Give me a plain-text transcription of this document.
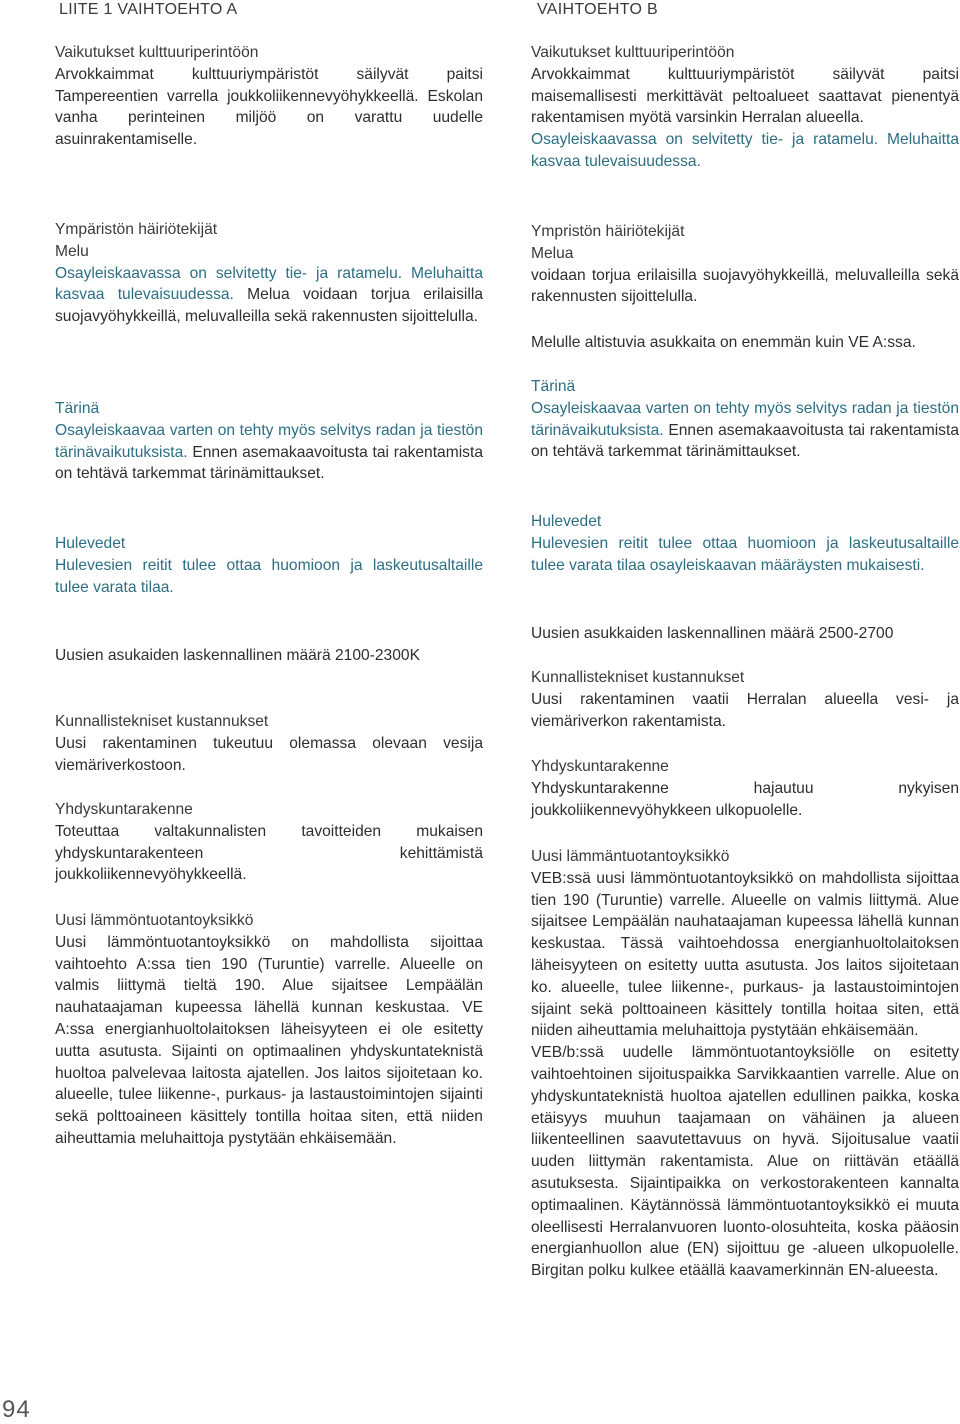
LIITE 1 VAIHTOEHTO A

Vaikutukset kulttuuriperintöön

Arvokkaimmat kulttuuriympäristöt säilyvät paitsi Tampereentien varrella joukkoliikennevyöhykkeellä. Eskolan vanha perinteinen miljöö on varattu uudelle asuinrakentamiselle.

Ympäristön häiriötekijät

Melu

Osayleiskaavassa on selvitetty tie- ja ratamelu. Meluhaitta kasvaa tulevaisuudessa. Melua voidaan torjua erilaisilla suojavyöhykkeillä, meluvalleilla sekä rakennusten sijoittelulla.

Tärinä

Osayleiskaavaa varten on tehty myös selvitys radan ja tiestön tärinävaikutuksista. Ennen asemakaavoitusta tai rakentamista on tehtävä tarkemmat tärinämittaukset.

Hulevedet

Hulevesien reitit tulee ottaa huomioon ja laskeutusaltaille tulee varata tilaa.

Uusien asukaiden laskennallinen määrä 2100-2300K

Kunnallistekniset kustannukset

Uusi rakentaminen tukeutuu olemassa olevaan vesija viemäriverkostoon.

Yhdyskuntarakenne

Toteuttaa valtakunnalisten tavoitteiden mukaisen yhdyskuntarakenteen kehittämistä joukkoliikennevyöhykkeellä.

Uusi lämmöntuotantoyksikkö

Uusi lämmöntuotantoyksikkö on mahdollista sijoittaa vaihtoehto A:ssa tien 190 (Turuntie) varrelle. Alueelle on valmis liittymä tieltä 190. Alue sijaitsee Lempäälän nauhataajaman kupeessa lähellä kunnan keskustaa. VE A:ssa energianhuoltolaitoksen läheisyyteen ei ole esitetty uutta asutusta. Sijainti on optimaalinen yhdyskuntateknistä huoltoa palvelevaa laitosta ajatellen. Jos laitos sijoitetaan ko. alueelle, tulee liikenne-, purkaus- ja lastaustoimintojen sijainti sekä polttoaineen käsittely tontilla hoitaa siten, että niiden aiheuttamia meluhaittoja pystytään ehkäisemään.

VAIHTOEHTO B

Vaikutukset kulttuuriperintöön

Arvokkaimmat kulttuuriympäristöt säilyvät paitsi maisemallisesti merkittävät peltoalueet saattavat pienentyä rakentamisen myötä varsinkin Herralan alueella.

Osayleiskaavassa on selvitetty tie- ja ratamelu. Meluhaitta kasvaa tulevaisuudessa.

Ympristön häiriötekijät

Melua

voidaan torjua erilaisilla suojavyöhykkeillä, meluvalleilla sekä rakennusten sijoittelulla.

Melulle altistuvia asukkaita on enemmän kuin VE A:ssa.

Tärinä

Osayleiskaavaa varten on tehty myös selvitys radan ja tiestön tärinävaikutuksista. Ennen asemakaavoitusta tai rakentamista on tehtävä tarkemmat tärinämittaukset.

Hulevedet

Hulevesien reitit tulee ottaa huomioon ja laskeutusaltaille tulee varata tilaa osayleiskaavan määräysten mukaisesti.

Uusien asukkaiden laskennallinen määrä 2500-2700

Kunnallistekniset kustannukset

Uusi rakentaminen vaatii Herralan alueella vesi- ja viemäriverkon rakentamista.

Yhdyskuntarakenne

Yhdyskuntarakenne hajautuu nykyisen joukkoliikennevyöhykkeen ulkopuolelle.

Uusi lämmäntuotantoyksikkö

VEB:ssä uusi lämmöntuotantoyksikkö on mahdollista sijoittaa tien 190 (Turuntie) varrelle. Alueelle on valmis liittymä. Alue sijaitsee Lempäälän nauhataajaman kupeessa lähellä kunnan keskustaa. Tässä vaihtoehdossa energianhuoltolaitoksen läheisyyteen on esitetty uutta asutusta. Jos laitos sijoitetaan ko. alueelle, tulee liikenne-, purkaus- ja lastaustoimintojen sijaint sekä polttoaineen käsittely tontilla hoitaa siten, että niiden aiheuttamia meluhaittoja pystytään ehkäisemään.

VEB/b:ssä uudelle lämmöntuotantoyksiölle on esitetty vaihtoehtoinen sijoituspaikka Sarvikkaantien varrelle. Alue on yhdyskuntateknistä huoltoa ajatellen edullinen paikka, koska etäisyys muuhun taajamaan on vähäinen ja alueen liikenteellinen saavutettavuus on hyvä. Sijoitusalue vaatii uuden liittymän rakentamista. Alue on riittävän etäällä asutuksesta. Sijaintipaikka on verkostorakenteen kannalta optimaalinen. Käytännössä lämmöntuotantoyksikkö ei muuta oleellisesti Herralanvuoren luonto-olosuhteita, koska pääosin energianhuollon alue (EN) sijoittuu ge -alueen ulkopuolelle. Birgitan polku kulkee etäällä kaavamerkinnän EN-alueesta.

94
